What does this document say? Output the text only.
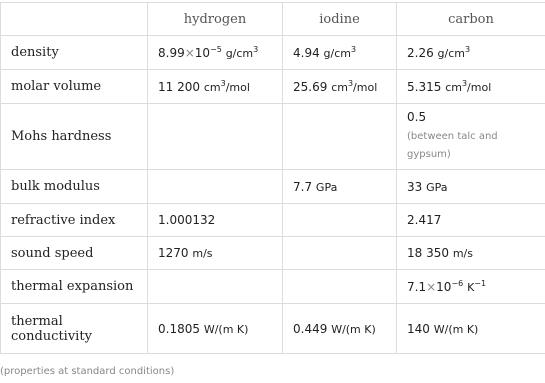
	hydrogen	iodine	carbon
density	$8.99\times 10^{-5}$ $g/cm^3$	4.94 $g/cm^3$	2.26 $g/cm^3$
molar volume	11 200 $cm^3$/mol	25.69 $cm^3$/mol	5.315 $cm^3$/mol
Mohs hardness			0.5
(between talc and gypsum)

bulk modulus		7.7 GPa	33 GPa
refractive index	1.000132		2.417
sound speed	1270 m/s		18 350 m/s
thermal expansion			$7.1\times 10^{-6}$ $K^{-1}$
thermal conductivity	0.1805 W/(m K)	0.449 W/(m K)	140 W/(m K)
(properties at standard conditions)
